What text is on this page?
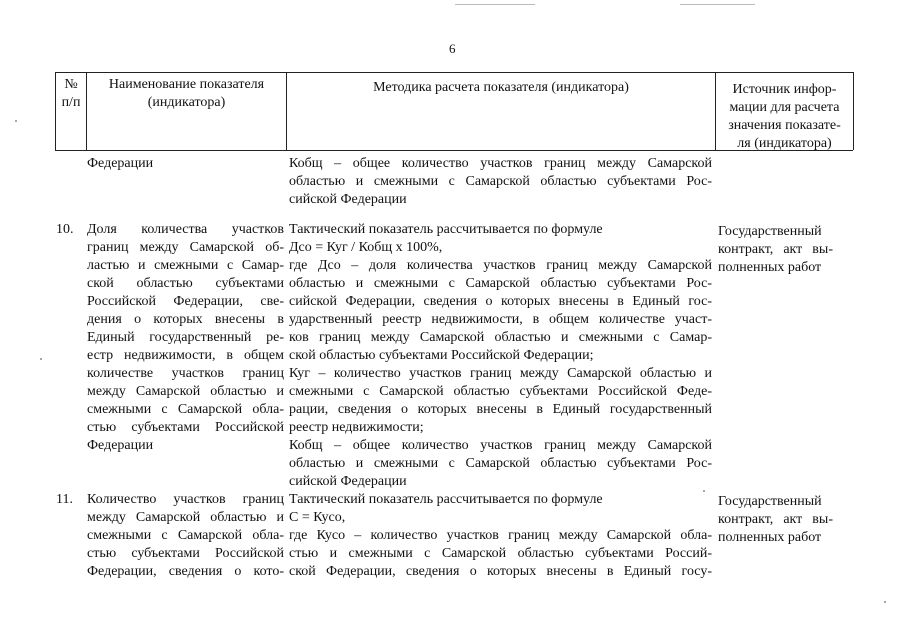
6
№
п/п
Наименование показателя
(индикатора)
Методика расчета показателя (индикатора)	Источник инфор-
мации для расчета
значения показате-
ля (индикатора)
Федерации	Кобщ – общее количество участков границ между Самарской
областью и смежными с Самарской областью субъектами Рос-
сийской Федерации
10. Доля количества участков
границ между Самарской об-
ластью и смежными с Самар-
ской областью субъектами
Российской Федерации, све-
дения о которых внесены в
Единый государственный ре-
естр недвижимости, в общем
количестве участков границ
между Самарской областью и
смежными с Самарской обла-
стью субъектами Российской
Федерации
Тактический показатель рассчитывается по формуле
Дсо = Куг / Кобщ x 100%,
где Дсо – доля количества участков границ между Самарской
областью и смежными с Самарской областью субъектами Рос-
сийской Федерации, сведения о которых внесены в Единый гос-
ударственный реестр недвижимости, в общем количестве участ-
ков границ между Самарской областью и смежными с Самар-
ской областью субъектами Российской Федерации;
Куг – количество участков границ между Самарской областью и
смежными с Самарской областью субъектами Российской Феде-
рации, сведения о которых внесены в Единый государственный
реестр недвижимости;
Кобщ – общее количество участков границ между Самарской
областью и смежными с Самарской областью субъектами Рос-
сийской Федерации
Государственный
контракт, акт вы-
полненных работ
11. Количество участков границ
между Самарской областью и
смежными с Самарской обла-
стью субъектами Российской
Федерации, сведения о кото-
Тактический показатель рассчитывается по формуле
С = Кусо,
где Кусо – количество участков границ между Самарской обла-
стью и смежными с Самарской областью субъектами Россий-
ской Федерации, сведения о которых внесены в Единый госу-
Государственный
контракт, акт вы-
полненных работ
